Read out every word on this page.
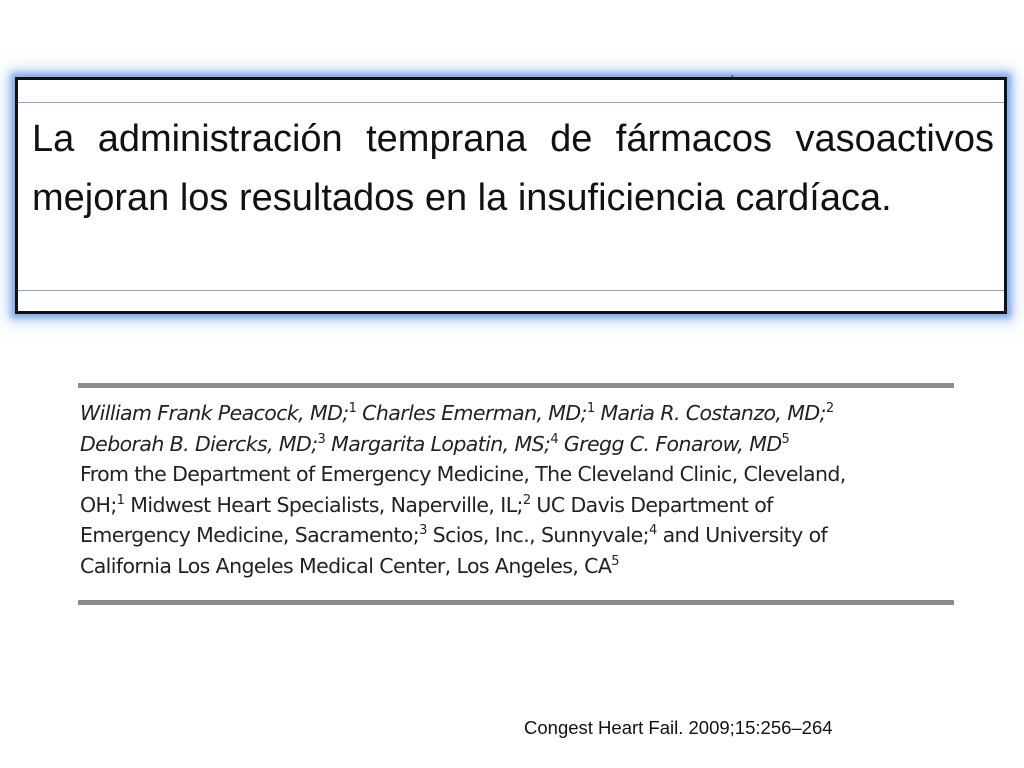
`

La administración temprana de fármacos vasoactivos mejoran los resultados en la insuficiencia cardíaca.

William Frank Peacock, MD;$^1$ Charles Emerman, MD;$^1$ Maria R. Costanzo, MD;$^2$
Deborah B. Diercks, MD;$^3$ Margarita Lopatin, MS;$^4$ Gregg C. Fonarow, $MD^5$
From the Department of Emergency Medicine, The Cleveland Clinic, Cleveland,
OH;$^1$ Midwest Heart Specialists, Naperville, IL;$^2$ UC Davis Department of
Emergency Medicine, Sacramento;$^3$ Scios, Inc., Sunnyvale;$^4$ and University of
California Los Angeles Medical Center, Los Angeles, $CA^5$
Congest Heart Fail. 2009;15:256–264
